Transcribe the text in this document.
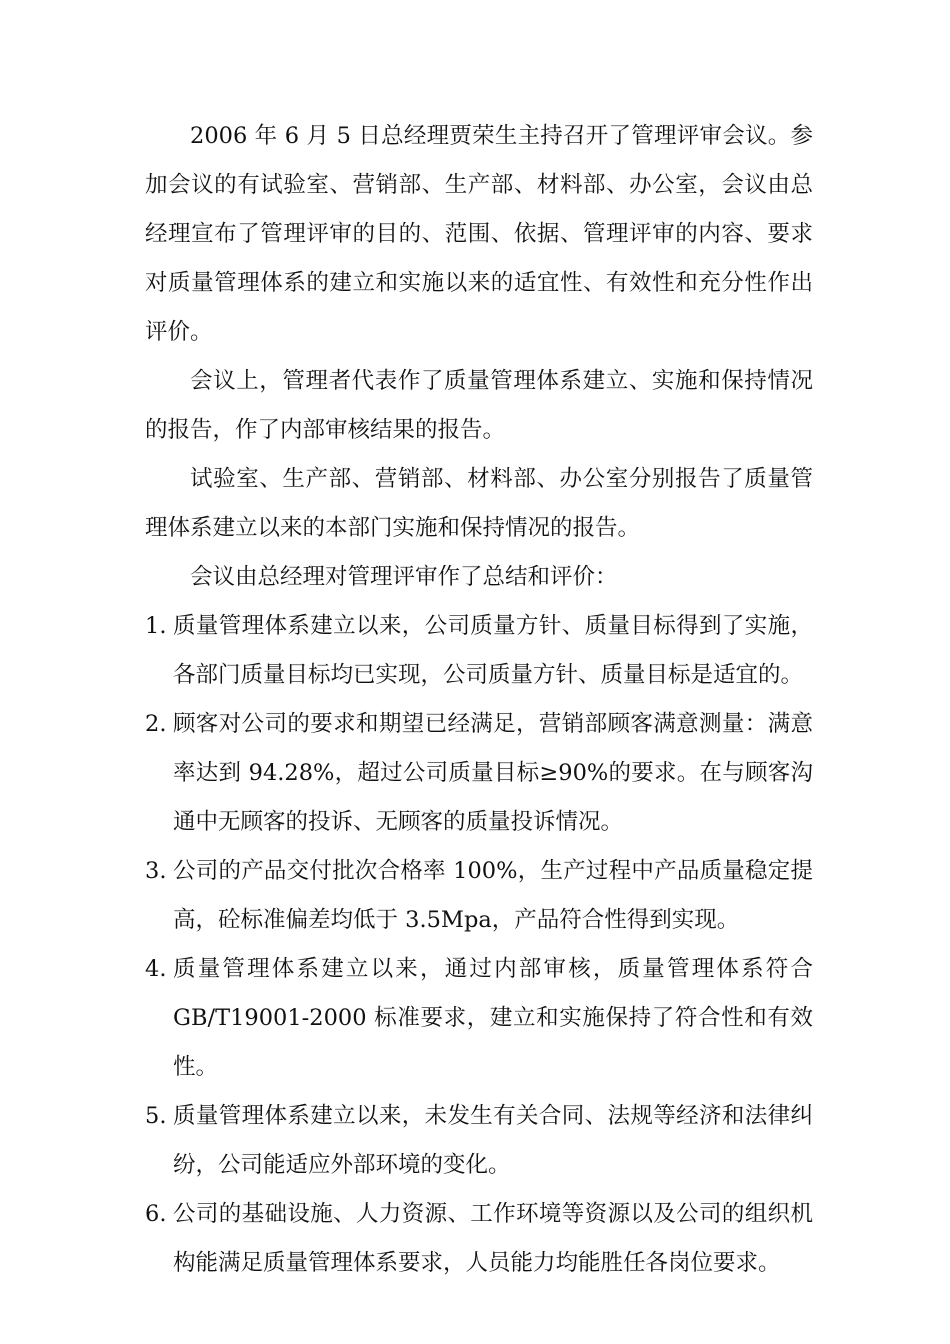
2006 年 6 月 5 日总经理贾荣生主持召开了管理评审会议。参加会议的有试验室、营销部、生产部、材料部、办公室，会议由总经理宣布了管理评审的目的、范围、依据、管理评审的内容、要求对质量管理体系的建立和实施以来的适宜性、有效性和充分性作出评价。

会议上，管理者代表作了质量管理体系建立、实施和保持情况的报告，作了内部审核结果的报告。

试验室、生产部、营销部、材料部、办公室分别报告了质量管理体系建立以来的本部门实施和保持情况的报告。

会议由总经理对管理评审作了总结和评价：

1. 质量管理体系建立以来，公司质量方针、质量目标得到了实施，各部门质量目标均已实现，公司质量方针、质量目标是适宜的。
2. 顾客对公司的要求和期望已经满足，营销部顾客满意测量：满意率达到 94.28%，超过公司质量目标≥90%的要求。在与顾客沟通中无顾客的投诉、无顾客的质量投诉情况。
3. 公司的产品交付批次合格率 100%，生产过程中产品质量稳定提高，砼标准偏差均低于 3.5Mpa，产品符合性得到实现。
4. 质量管理体系建立以来，通过内部审核，质量管理体系符合GB/T19001-2000 标准要求，建立和实施保持了符合性和有效性。
5. 质量管理体系建立以来，未发生有关合同、法规等经济和法律纠纷，公司能适应外部环境的变化。
6. 公司的基础设施、人力资源、工作环境等资源以及公司的组织机构能满足质量管理体系要求，人员能力均能胜任各岗位要求。
